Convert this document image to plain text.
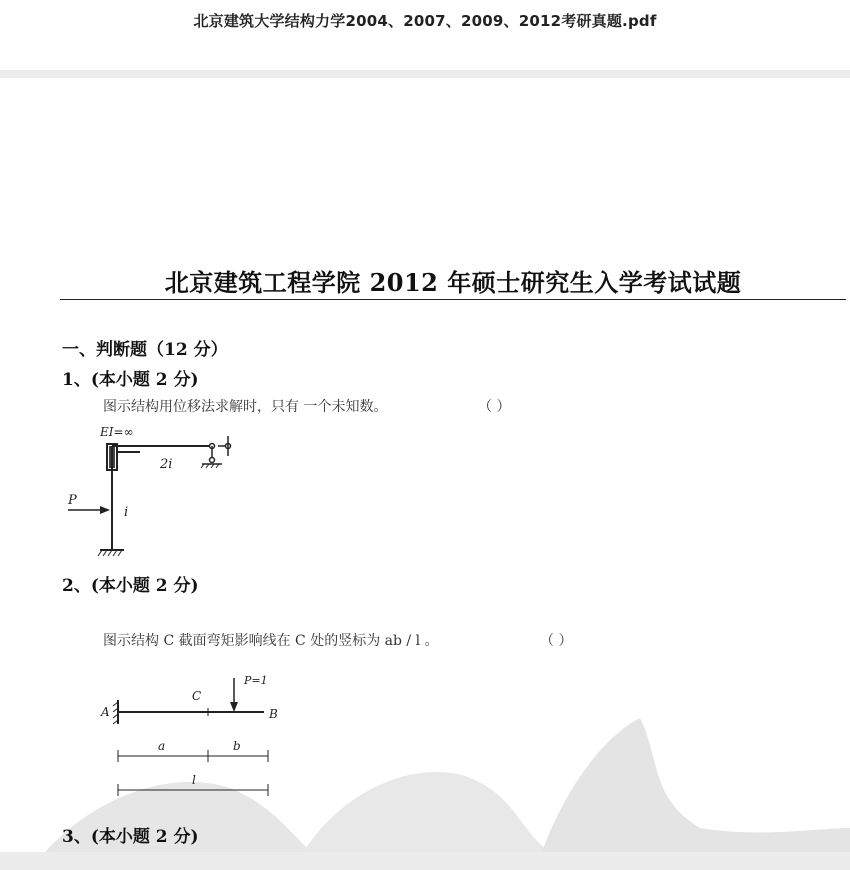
北京建筑大学结构力学2004、2007、2009、2012考研真题.pdf
北京建筑工程学院 2012 年硕士研究生入学考试试题
一、判断题（12 分）
1、(本小题 2 分)
图示结构用位移法求解时，只有 一个未知数。	（ ）
EI=∞
2i
P
i
2、(本小题 2 分)
图示结构 C 截面弯矩影响线在 C 处的竖标为 ab / l 。	（ ）
A	B
C
P=1
a	b
l
3、(本小题 2 分)
